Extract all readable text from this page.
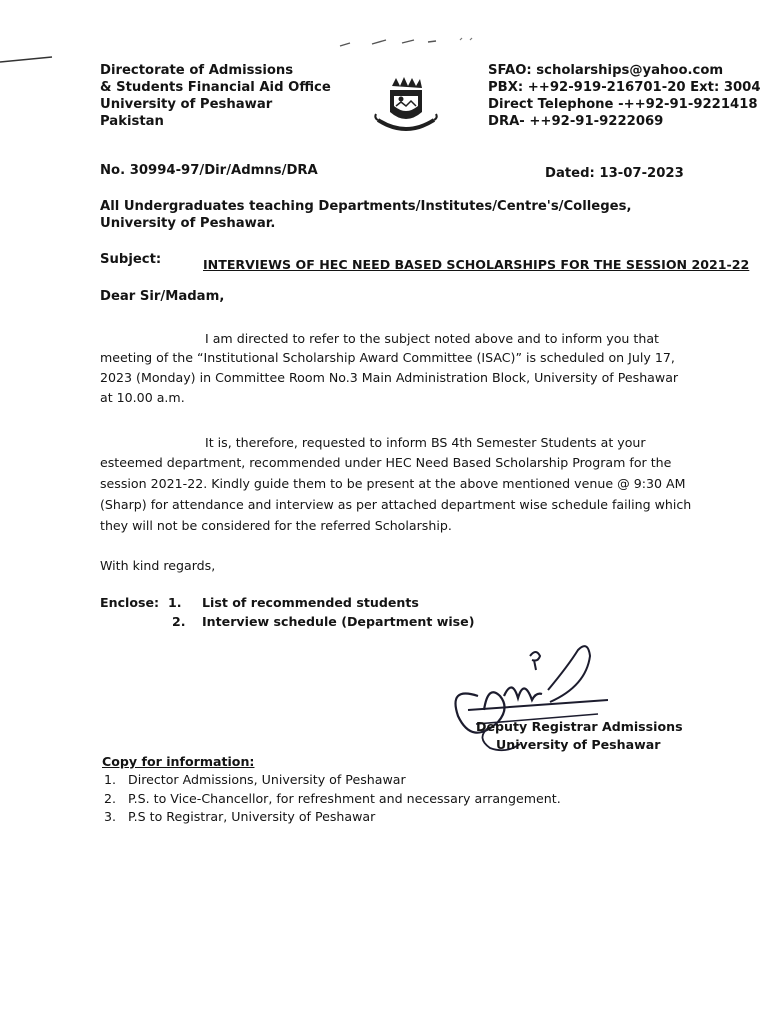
Directorate of Admissions
& Students Financial Aid Office
University of Peshawar
Pakistan
SFAO: scholarships@yahoo.com
PBX: ++92-919-216701-20 Ext: 3004
Direct Telephone -++92-91-9221418
DRA- ++92-91-9222069
No. 30994-97/Dir/Admns/DRA	Dated: 13-07-2023
All Undergraduates teaching Departments/Institutes/Centre's/Colleges,
University of Peshawar.
Subject:	INTERVIEWS OF HEC NEED BASED SCHOLARSHIPS FOR THE SESSION 2021-22
Dear Sir/Madam,
I am directed to refer to the subject noted above and to inform you that
meeting of the “Institutional Scholarship Award Committee (ISAC)” is scheduled on July 17,
2023 (Monday) in Committee Room No.3 Main Administration Block, University of Peshawar
at 10.00 a.m.
It is, therefore, requested to inform BS 4th Semester Students at your
esteemed department, recommended under HEC Need Based Scholarship Program for the
session 2021-22. Kindly guide them to be present at the above mentioned venue @ 9:30 AM
(Sharp) for attendance and interview as per attached department wise schedule failing which
they will not be considered for the referred Scholarship.
With kind regards,
Enclose: 1. List of recommended students
2. Interview schedule (Department wise)
Deputy Registrar Admissions
University of Peshawar
Copy for information:
1. Director Admissions, University of Peshawar
2. P.S. to Vice-Chancellor, for refreshment and necessary arrangement.
3. P.S to Registrar, University of Peshawar
